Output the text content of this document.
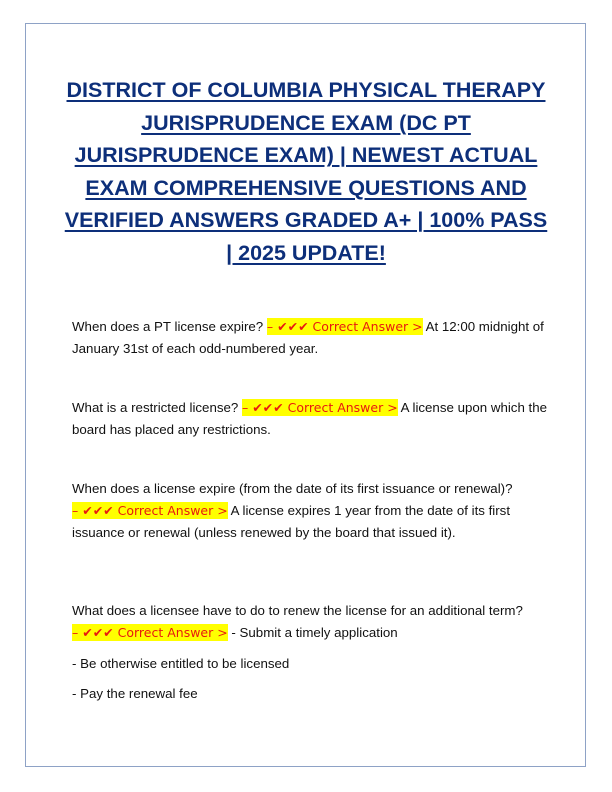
DISTRICT OF COLUMBIA PHYSICAL THERAPY JURISPRUDENCE EXAM (DC PT JURISPRUDENCE EXAM) | NEWEST ACTUAL EXAM COMPREHENSIVE QUESTIONS AND VERIFIED ANSWERS GRADED A+ | 100% PASS | 2025 UPDATE!

When does a PT license expire? – ✔✔✔ Correct Answer > At 12:00 midnight of January 31st of each odd-numbered year.

What is a restricted license? – ✔✔✔ Correct Answer > A license upon which the board has placed any restrictions.

When does a license expire (from the date of its first issuance or renewal)? – ✔✔✔ Correct Answer > A license expires 1 year from the date of its first issuance or renewal (unless renewed by the board that issued it).

What does a licensee have to do to renew the license for an additional term? – ✔✔✔ Correct Answer > - Submit a timely application

- Be otherwise entitled to be licensed

- Pay the renewal fee
